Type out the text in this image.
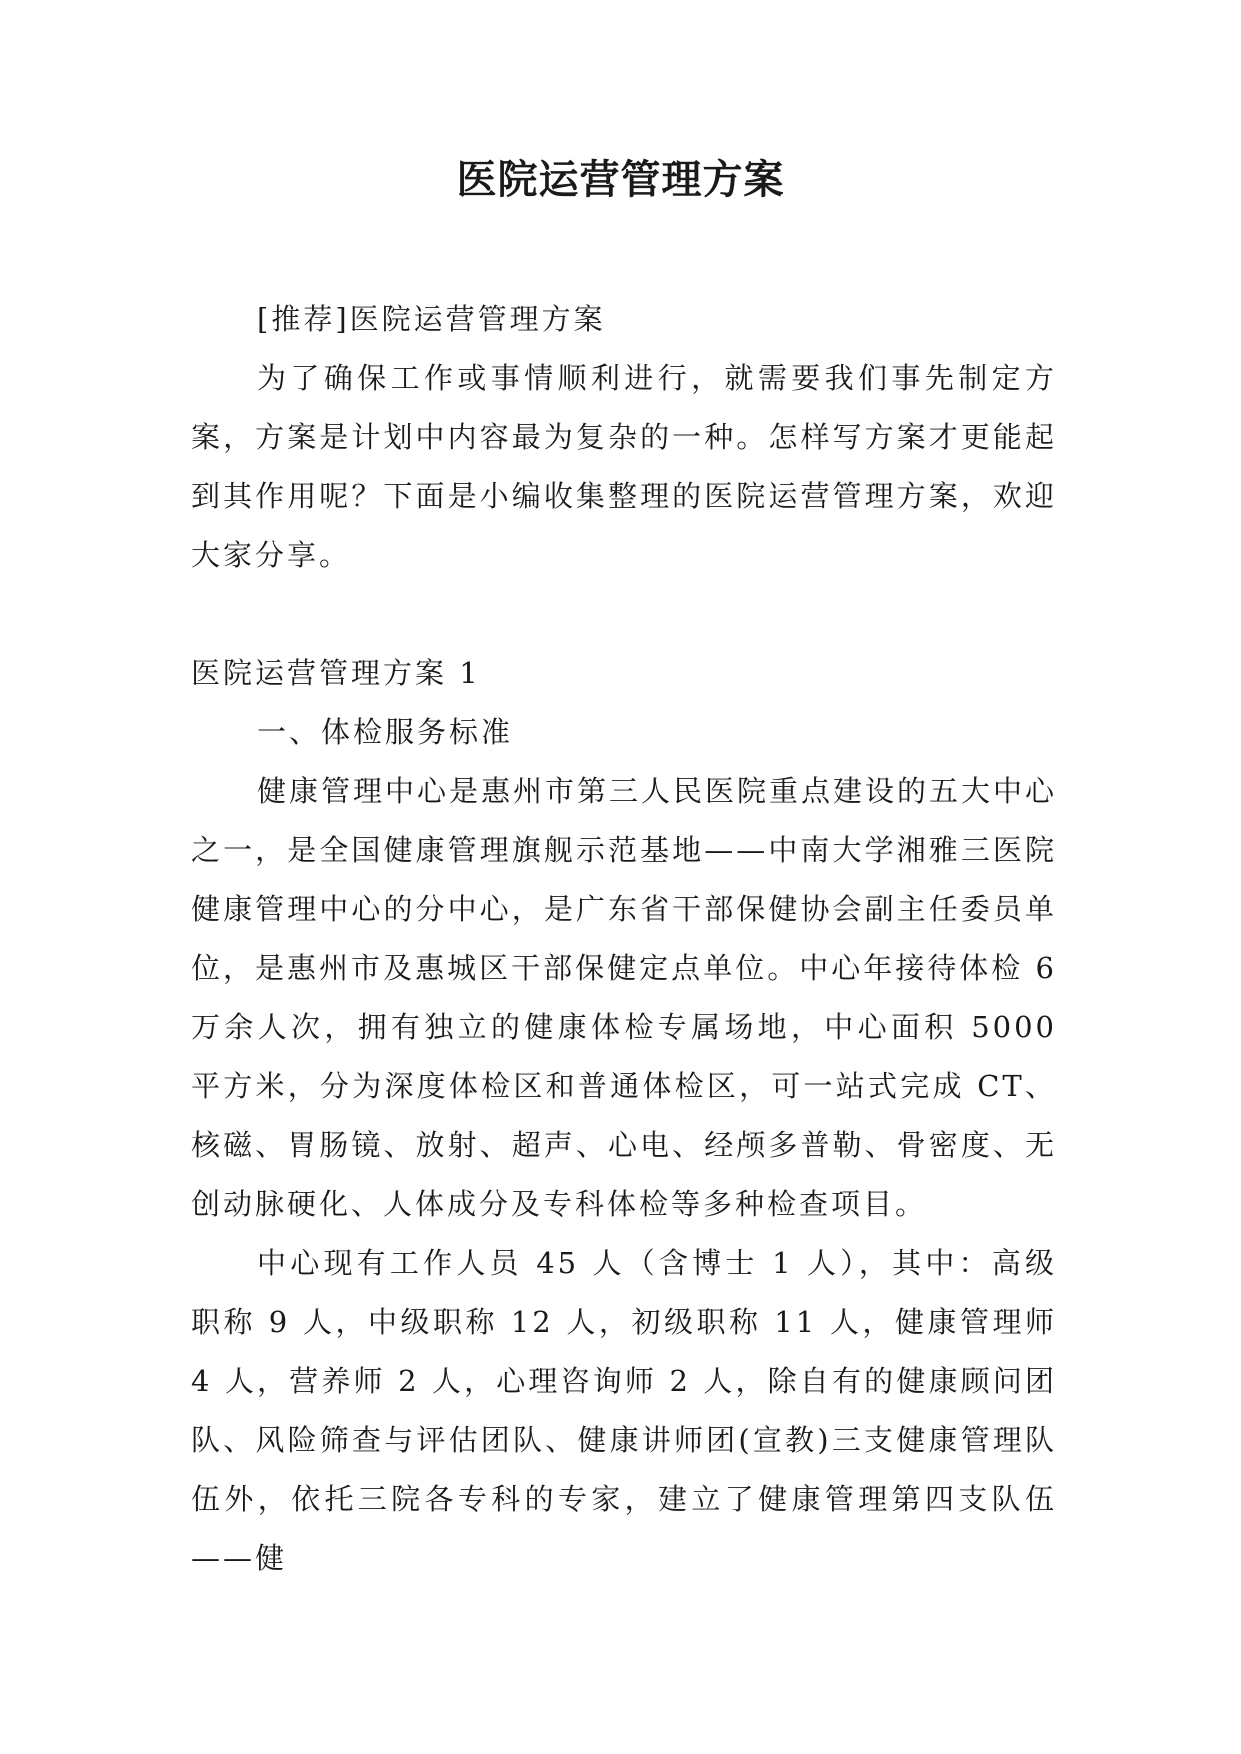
医院运营管理方案

[推荐]医院运营管理方案

为了确保工作或事情顺利进行，就需要我们事先制定方案，方案是计划中内容最为复杂的一种。怎样写方案才更能起到其作用呢？下面是小编收集整理的医院运营管理方案，欢迎大家分享。

医院运营管理方案 1

一、体检服务标准

健康管理中心是惠州市第三人民医院重点建设的五大中心之一，是全国健康管理旗舰示范基地——中南大学湘雅三医院健康管理中心的分中心，是广东省干部保健协会副主任委员单位，是惠州市及惠城区干部保健定点单位。中心年接待体检 6 万余人次，拥有独立的健康体检专属场地，中心面积 5000 平方米，分为深度体检区和普通体检区，可一站式完成 CT、核磁、胃肠镜、放射、超声、心电、经颅多普勒、骨密度、无创动脉硬化、人体成分及专科体检等多种检查项目。

中心现有工作人员 45 人（含博士 1 人），其中：高级职称 9 人，中级职称 12 人，初级职称 11 人，健康管理师 4 人，营养师 2 人，心理咨询师 2 人，除自有的健康顾问团队、风险筛查与评估团队、健康讲师团(宣教)三支健康管理队伍外，依托三院各专科的专家，建立了健康管理第四支队伍——健
